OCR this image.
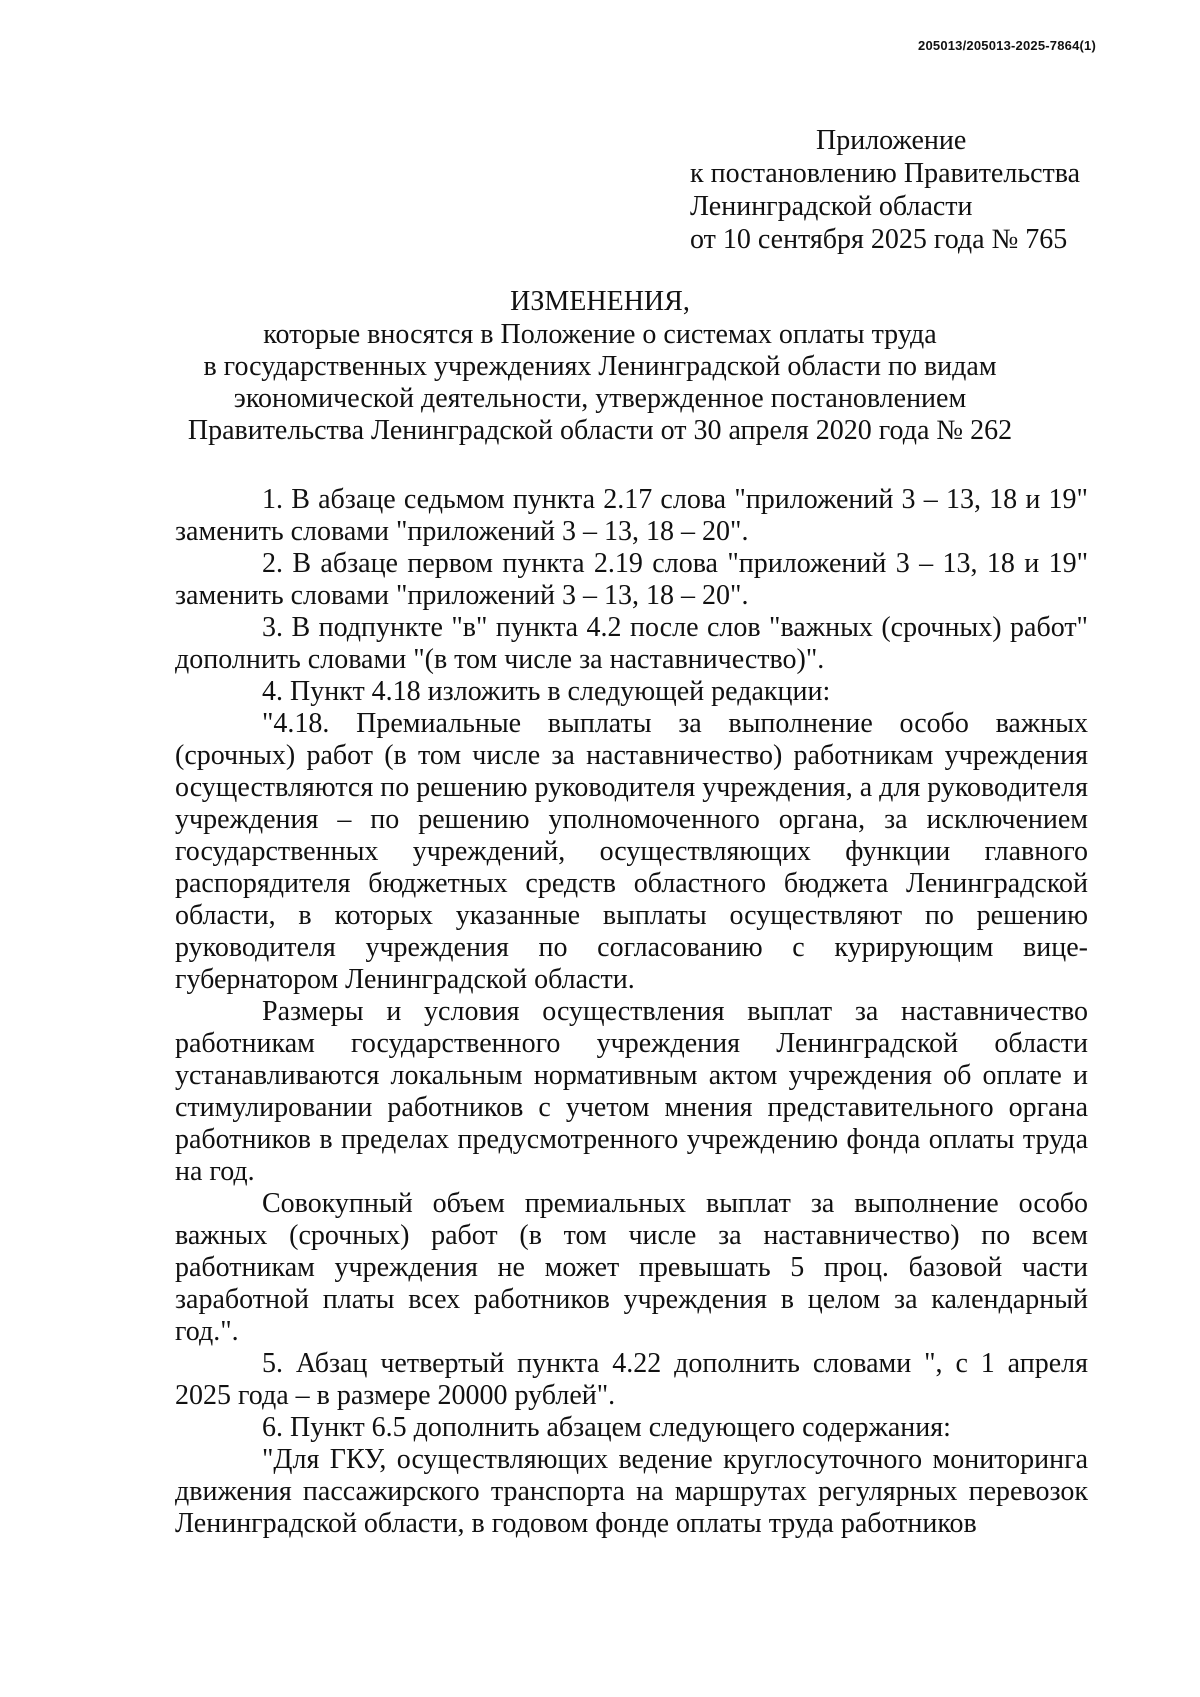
205013/205013-2025-7864(1)
Приложение
к постановлению Правительства
Ленинградской области
от 10 сентября 2025 года № 765
ИЗМЕНЕНИЯ,
которые вносятся в Положение о системах оплаты труда
в государственных учреждениях Ленинградской области по видам
экономической деятельности, утвержденное постановлением
Правительства Ленинградской области от 30 апреля 2020 года № 262

1. В абзаце седьмом пункта 2.17 слова "приложений 3 – 13, 18 и 19" заменить словами "приложений 3 – 13, 18 – 20".

2. В абзаце первом пункта 2.19 слова "приложений 3 – 13, 18 и 19" заменить словами "приложений 3 – 13, 18 – 20".

3. В подпункте "в" пункта 4.2 после слов "важных (срочных) работ" дополнить словами "(в том числе за наставничество)".

4. Пункт 4.18 изложить в следующей редакции:

"4.18. Премиальные выплаты за выполнение особо важных (срочных) работ (в том числе за наставничество) работникам учреждения осуществляются по решению руководителя учреждения, а для руководителя учреждения – по решению уполномоченного органа, за исключением государственных учреждений, осуществляющих функции главного распорядителя бюджетных средств областного бюджета Ленинградской области, в которых указанные выплаты осуществляют по решению руководителя учреждения по согласованию с курирующим вице-губернатором Ленинградской области.

Размеры и условия осуществления выплат за наставничество работникам государственного учреждения Ленинградской области устанавливаются локальным нормативным актом учреждения об оплате и стимулировании работников с учетом мнения представительного органа работников в пределах предусмотренного учреждению фонда оплаты труда на год.

Совокупный объем премиальных выплат за выполнение особо важных (срочных) работ (в том числе за наставничество) по всем работникам учреждения не может превышать 5 проц. базовой части заработной платы всех работников учреждения в целом за календарный год.".

5. Абзац четвертый пункта 4.22 дополнить словами ", с 1 апреля 2025 года – в размере 20000 рублей".

6. Пункт 6.5 дополнить абзацем следующего содержания:

"Для ГКУ, осуществляющих ведение круглосуточного мониторинга движения пассажирского транспорта на маршрутах регулярных перевозок Ленинградской области, в годовом фонде оплаты труда работников
